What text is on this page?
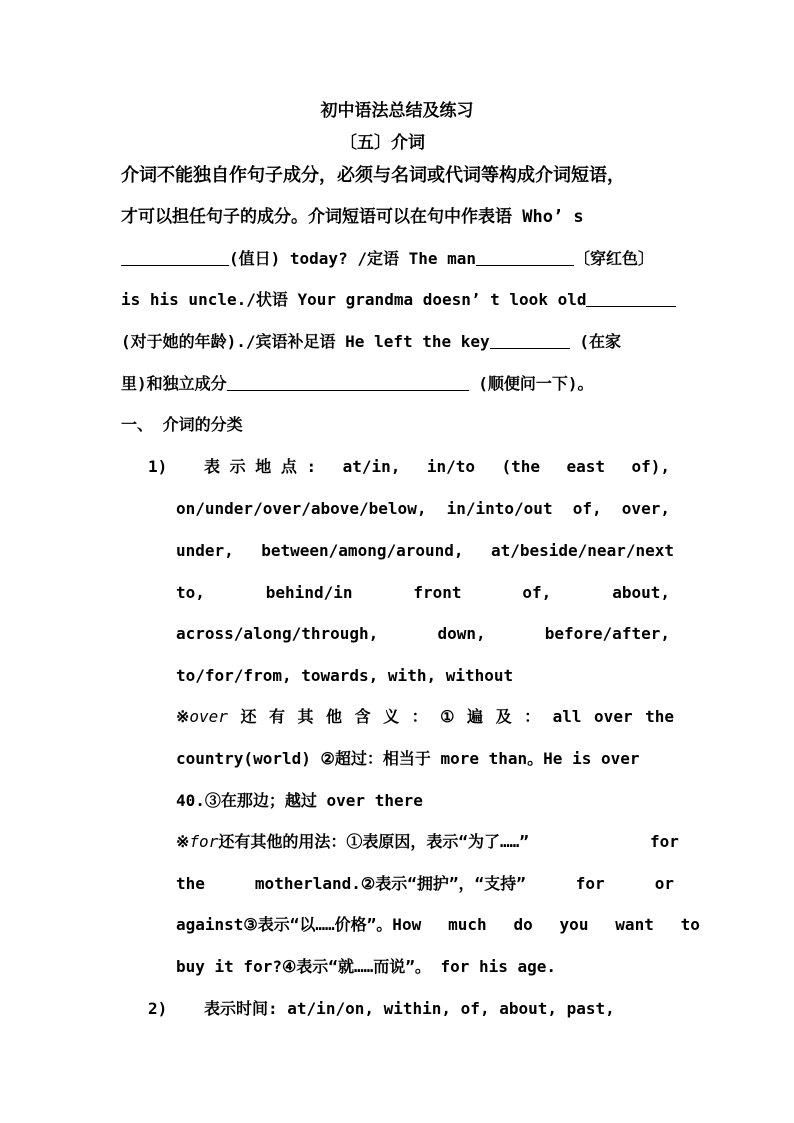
初中语法总结及练习
〔五〕介词
介词不能独自作句子成分，必须与名词或代词等构成介词短语，
才可以担任句子的成分。介词短语可以在句中作表语 Who’ s
(值日) today? /定语 The man	〔穿红色〕
is his uncle./状语 Your grandma doesn’ t look old
(对于她的年龄)./宾语补足语 He left the key	(在家
里)和独立成分	(顺便问一下)。
一、 介词的分类
1) 表 示 地 点 : at/in, in/to (the east of),
on/under/over/above/below, in/into/out of, over,
under, between/among/around, at/beside/near/next
to,	behind/in	front	of,	about,
across/along/through,	down,	before/after,
to/for/from, towards, with, without
※over 还 有 其 他 含 义 ： ① 遍 及 ： all over the
country(world) ②超过：相当于 more than。He is over
40.③在那边；越过 over there
※for还有其他的用法：①表原因，表示“为了……”	for
the	motherland.②表示“拥护”，“支持”	for	or
against③表示“以……价格”。How much do you want to
buy it for?④表示“就……而说”。 for his age.
2) 表示时间: at/in/on, within, of, about, past,
